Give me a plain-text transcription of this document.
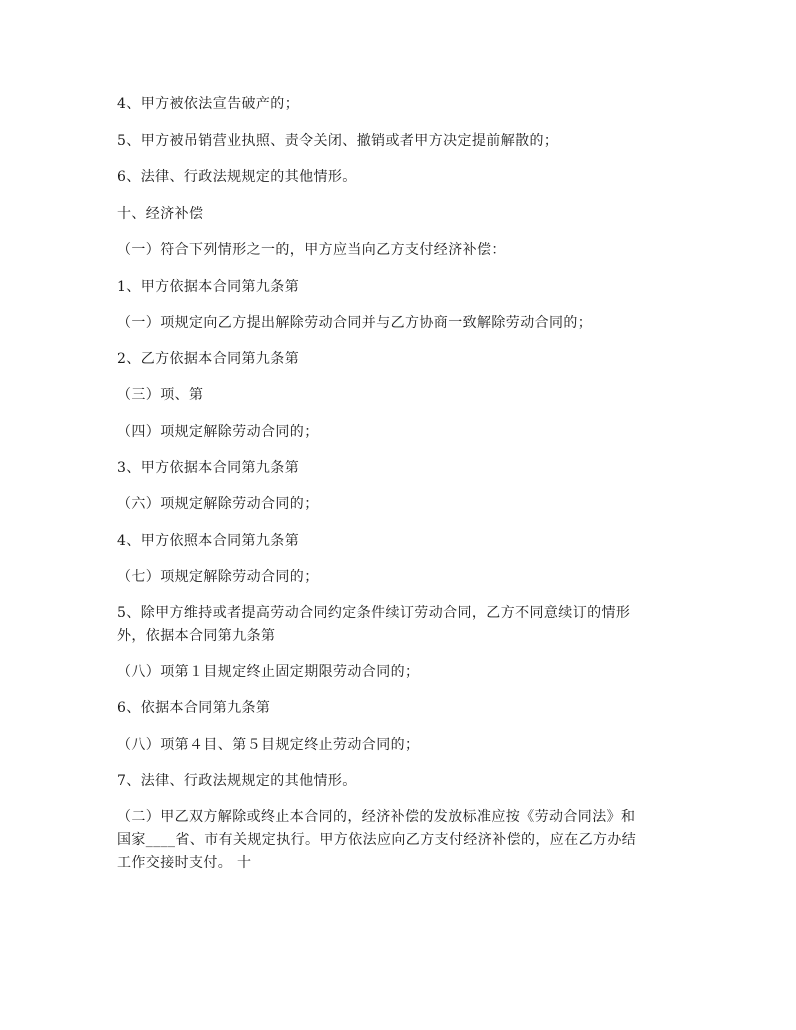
4、甲方被依法宣告破产的；
5、甲方被吊销营业执照、责令关闭、撤销或者甲方决定提前解散的；
6、法律、行政法规规定的其他情形。
十、经济补偿
（一）符合下列情形之一的，甲方应当向乙方支付经济补偿：
1、甲方依据本合同第九条第
（一）项规定向乙方提出解除劳动合同并与乙方协商一致解除劳动合同的；
2、乙方依据本合同第九条第
（三）项、第
（四）项规定解除劳动合同的；
3、甲方依据本合同第九条第
（六）项规定解除劳动合同的；
4、甲方依照本合同第九条第
（七）项规定解除劳动合同的；
5、除甲方维持或者提高劳动合同约定条件续订劳动合同，乙方不同意续订的情形
外，依据本合同第九条第
（八）项第１目规定终止固定期限劳动合同的；
6、依据本合同第九条第
（八）项第４目、第５目规定终止劳动合同的；
7、法律、行政法规规定的其他情形。
（二）甲乙双方解除或终止本合同的，经济补偿的发放标准应按《劳动合同法》和
国家____省、市有关规定执行。甲方依法应向乙方支付经济补偿的，应在乙方办结
工作交接时支付。 十
